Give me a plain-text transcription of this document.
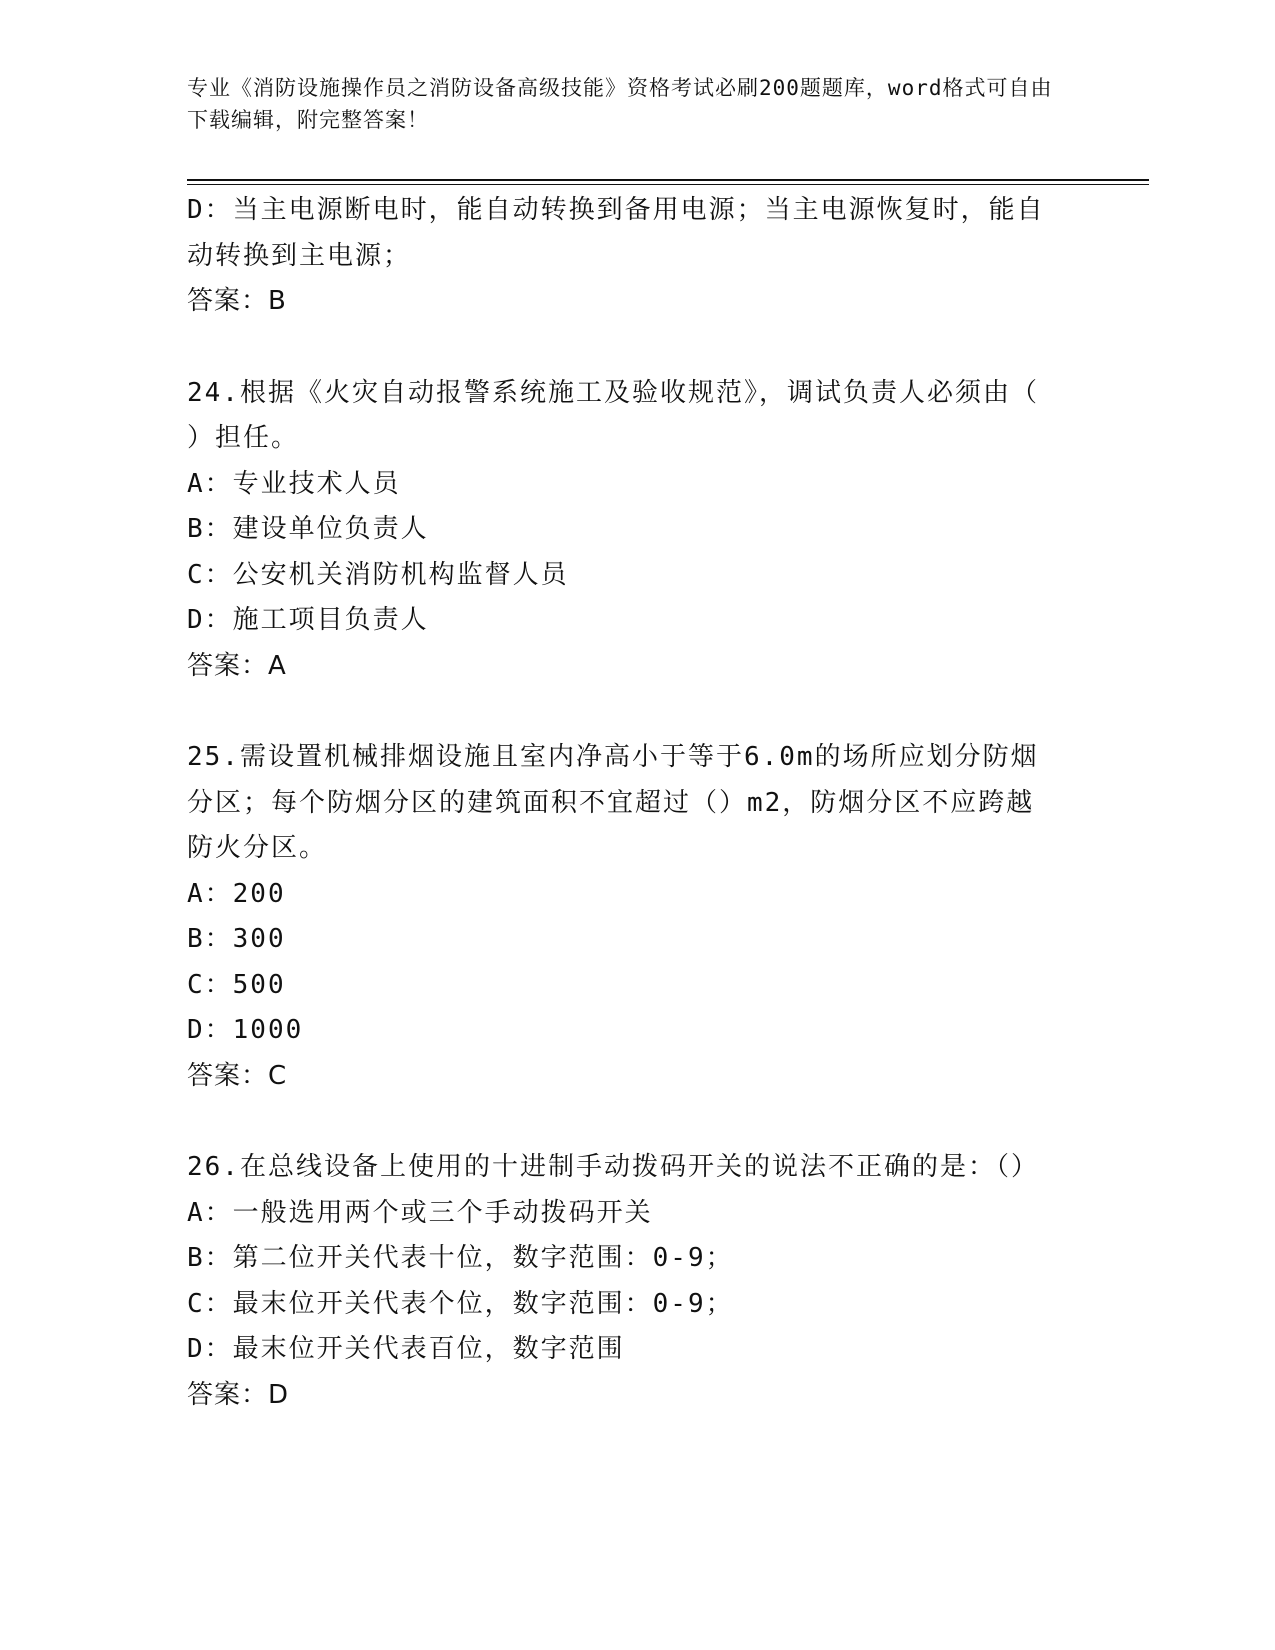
专业《消防设施操作员之消防设备高级技能》资格考试必刷200题题库，word格式可自由下载编辑，附完整答案！
D：当主电源断电时，能自动转换到备用电源；当主电源恢复时，能自
动转换到主电源；
答案：B
24.根据《火灾自动报警系统施工及验收规范》，调试负责人必须由（
）担任。
A：专业技术人员
B：建设单位负责人
C：公安机关消防机构监督人员
D：施工项目负责人
答案：A
25.需设置机械排烟设施且室内净高小于等于6.0m的场所应划分防烟
分区；每个防烟分区的建筑面积不宜超过（）m2，防烟分区不应跨越
防火分区。
A：200
B：300
C：500
D：1000
答案：C
26.在总线设备上使用的十进制手动拨码开关的说法不正确的是：（）
A：一般选用两个或三个手动拨码开关
B：第二位开关代表十位，数字范围：0-9；
C：最末位开关代表个位，数字范围：0-9；
D：最末位开关代表百位，数字范围
答案：D
